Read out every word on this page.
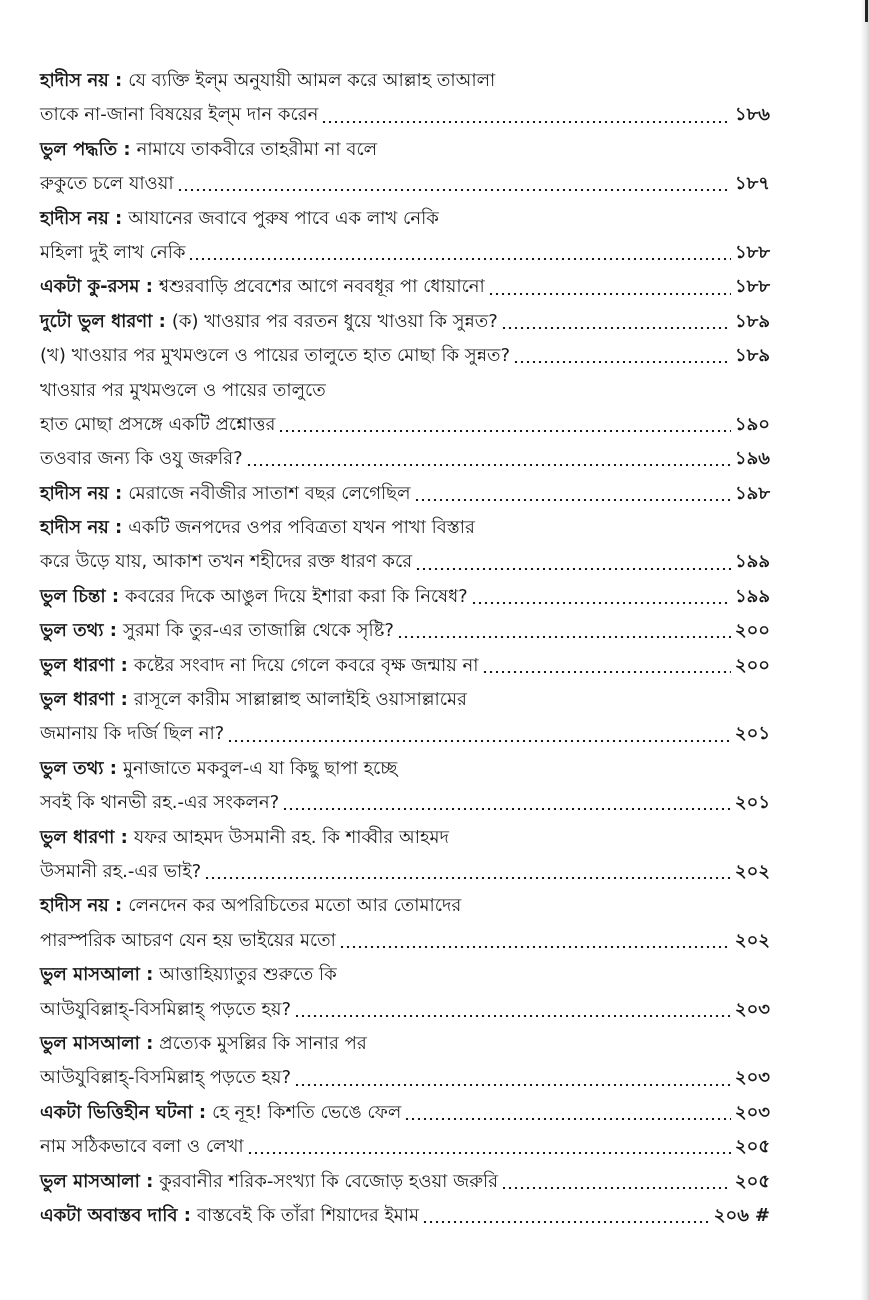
হাদীস নয় : যে ব্যক্তি ইল্‌ম অনুযায়ী আমল করে আল্লাহ তাআলা
তাকে না-জানা বিষয়ের ইল্‌ম দান করেন	১৮৬
ভুল পদ্ধতি : নামাযে তাকবীরে তাহরীমা না বলে
রুকুতে চলে যাওয়া	১৮৭
হাদীস নয় : আযানের জবাবে পুরুষ পাবে এক লাখ নেকি
মহিলা দুই লাখ নেকি	১৮৮
একটা কু-রসম : শ্বশুরবাড়ি প্রবেশের আগে নববধূর পা ধোয়ানো	১৮৮
দুটো ভুল ধারণা : (ক) খাওয়ার পর বরতন ধুয়ে খাওয়া কি সুন্নত?	১৮৯
(খ) খাওয়ার পর মুখমণ্ডলে ও পায়ের তালুতে হাত মোছা কি সুন্নত?	১৮৯
খাওয়ার পর মুখমণ্ডলে ও পায়ের তালুতে
হাত মোছা প্রসঙ্গে একটি প্রশ্নোত্তর	১৯০
তওবার জন্য কি ওযু জরুরি?	১৯৬
হাদীস নয় : মেরাজে নবীজীর সাতাশ বছর লেগেছিল	১৯৮
হাদীস নয় : একটি জনপদের ওপর পবিত্রতা যখন পাখা বিস্তার
করে উড়ে যায়, আকাশ তখন শহীদের রক্ত ধারণ করে	১৯৯
ভুল চিন্তা : কবরের দিকে আঙুল দিয়ে ইশারা করা কি নিষেধ?	১৯৯
ভুল তথ্য : সুরমা কি তুর-এর তাজাল্লি থেকে সৃষ্টি?	২০০
ভুল ধারণা : কষ্টের সংবাদ না দিয়ে গেলে কবরে বৃক্ষ জন্মায় না	২০০
ভুল ধারণা : রাসূলে কারীম সাল্লাল্লাহু আলাইহি ওয়াসাল্লামের
জমানায় কি দর্জি ছিল না?	২০১
ভুল তথ্য : মুনাজাতে মকবুল-এ যা কিছু ছাপা হচ্ছে
সবই কি থানভী রহ.-এর সংকলন?	২০১
ভুল ধারণা : যফর আহমদ উসমানী রহ. কি শাব্বীর আহমদ
উসমানী রহ.-এর ভাই?	২০২
হাদীস নয় : লেনদেন কর অপরিচিতের মতো আর তোমাদের
পারস্পরিক আচরণ যেন হয় ভাইয়ের মতো	২০২
ভুল মাসআলা : আত্তাহিয়্যাতুর শুরুতে কি
আউযুবিল্লাহ্-বিসমিল্লাহ্ পড়তে হয়?	২০৩
ভুল মাসআলা : প্রত্যেক মুসল্লির কি সানার পর
আউযুবিল্লাহ্-বিসমিল্লাহ্ পড়তে হয়?	২০৩
একটা ভিত্তিহীন ঘটনা : হে নূহ! কিশতি ভেঙে ফেল	২০৩
নাম সঠিকভাবে বলা ও লেখা	২০৫
ভুল মাসআলা : কুরবানীর শরিক-সংখ্যা কি বেজোড় হওয়া জরুরি	২০৫
একটা অবাস্তব দাবি : বাস্তবেই কি তাঁরা শিয়াদের ইমাম	২০৬ #
